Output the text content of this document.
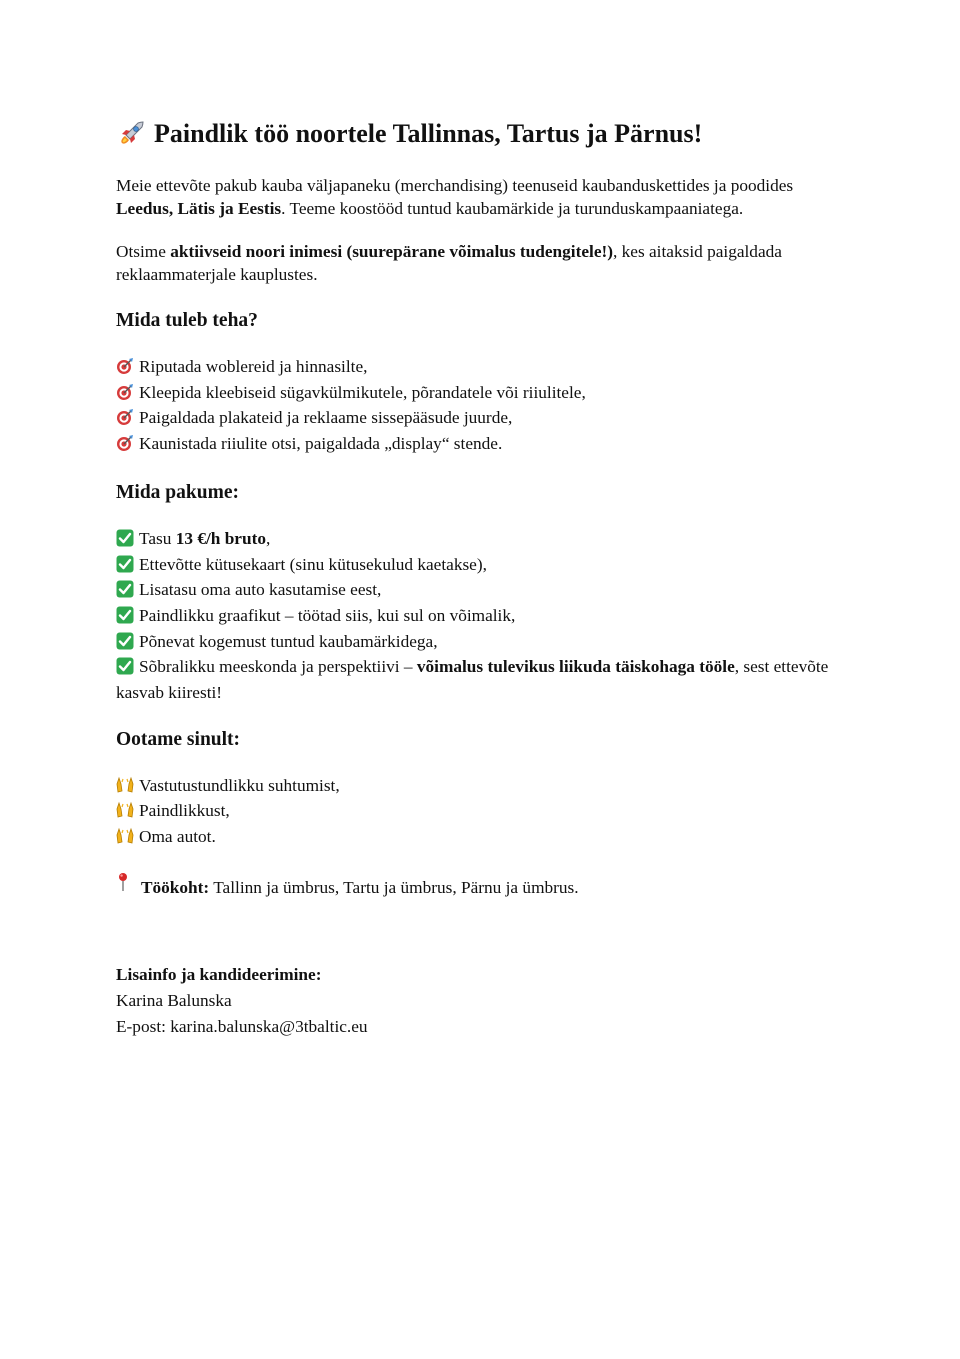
Paindlik töö noortele Tallinnas, Tartus ja Pärnus!

Meie ettevõte pakub kauba väljapaneku (merchandising) teenuseid kaubanduskettides ja poodides Leedus, Lätis ja Eestis. Teeme koostööd tuntud kaubamärkide ja turunduskampaaniatega.

Otsime aktiivseid noori inimesi (suurepärane võimalus tudengitele!), kes aitaksid paigaldada reklaammaterjale kauplustes.

Mida tuleb teha?
Riputada woblereid ja hinnasilte,
Kleepida kleebiseid sügavkülmikutele, põrandatele või riiulitele,
Paigaldada plakateid ja reklaame sissepääsude juurde,
Kaunistada riiulite otsi, paigaldada „display“ stende.
Mida pakume:
Tasu 13 €/h bruto,
Ettevõtte kütusekaart (sinu kütusekulud kaetakse),
Lisatasu oma auto kasutamise eest,
Paindlikku graafikut – töötad siis, kui sul on võimalik,
Põnevat kogemust tuntud kaubamärkidega,
Sõbralikku meeskonda ja perspektiivi – võimalus tulevikus liikuda täiskohaga tööle, sest ettevõte kasvab kiiresti!
Ootame sinult:
Vastutustundlikku suhtumist,
Paindlikkust,
Oma autot.

Töökoht: Tallinn ja ümbrus, Tartu ja ümbrus, Pärnu ja ümbrus.

Lisainfo ja kandideerimine:

Karina Balunska

E-post: karina.balunska@3tbaltic.eu
